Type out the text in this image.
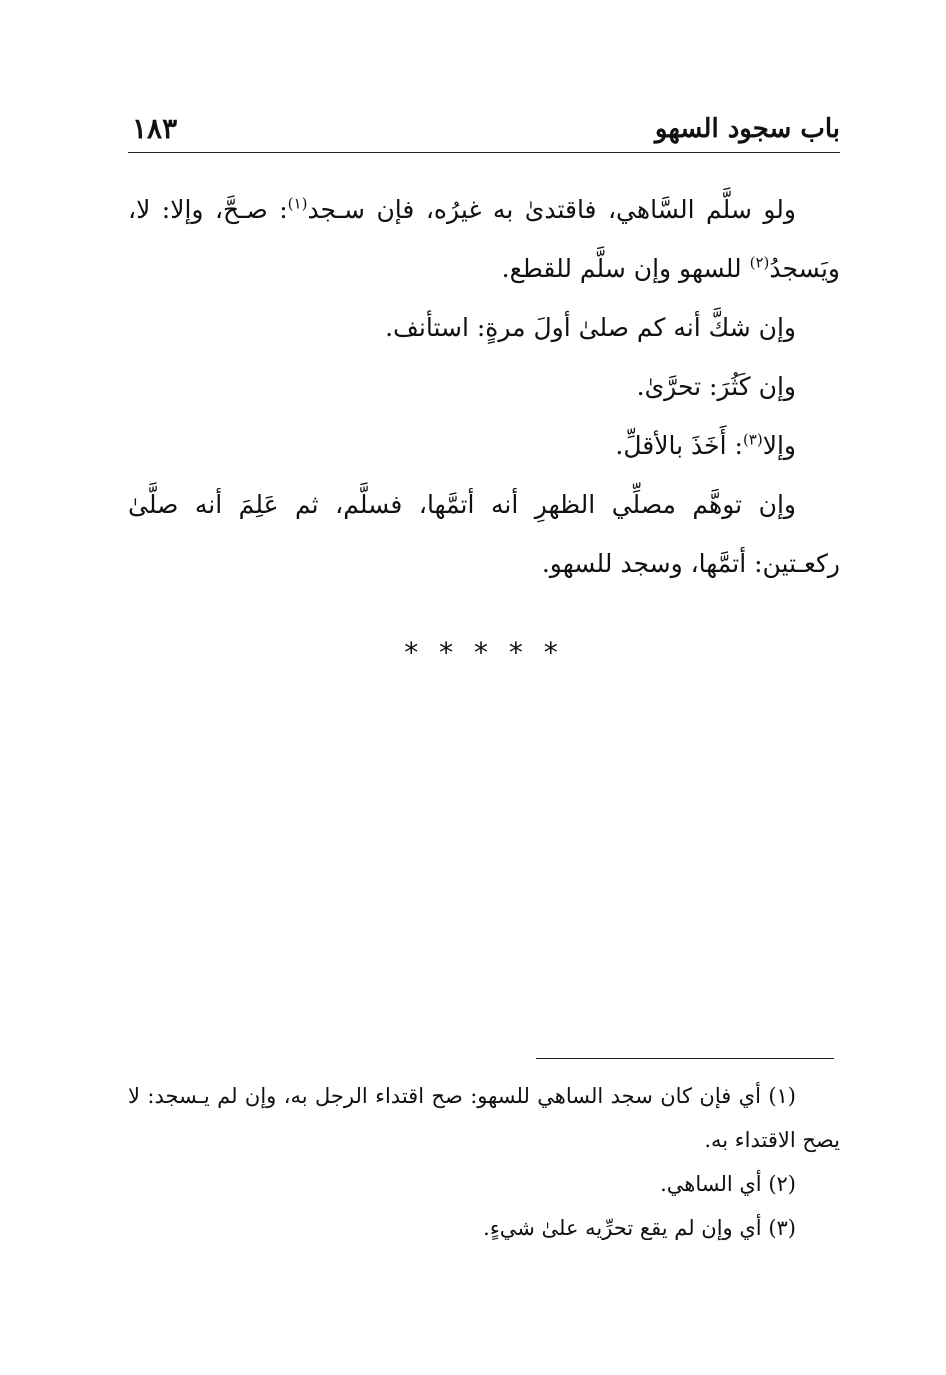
باب سجود السهو
١٨٣

ولو سلَّم السَّاهي، فاقتدىٰ به غيرُه، فإن سـجد$^{(١)}$: صـحَّ، وإلا: لا، ويَسجدُ$^{(٢)}$ للسهو وإن سلَّم للقطع.

وإن شكَّ أنه كم صلىٰ أولَ مرةٍ: استأنف.

وإن كَثُرَ: تحرَّىٰ.

وإلا$^{(٣)}$: أَخَذَ بالأقلِّ.

وإن توهَّم مصلِّي الظهرِ أنه أتمَّها، فسلَّم، ثم عَلِمَ أنه صلَّىٰ ركعـتين: أتمَّها، وسجد للسهو.

* * * * *

(١) أي فإن كان سجد الساهي للسهو: صح اقتداء الرجل به، وإن لم يـسجد: لا يصح الاقتداء به.

(٢) أي الساهي.

(٣) أي وإن لم يقع تحرِّيه علىٰ شيءٍ.
